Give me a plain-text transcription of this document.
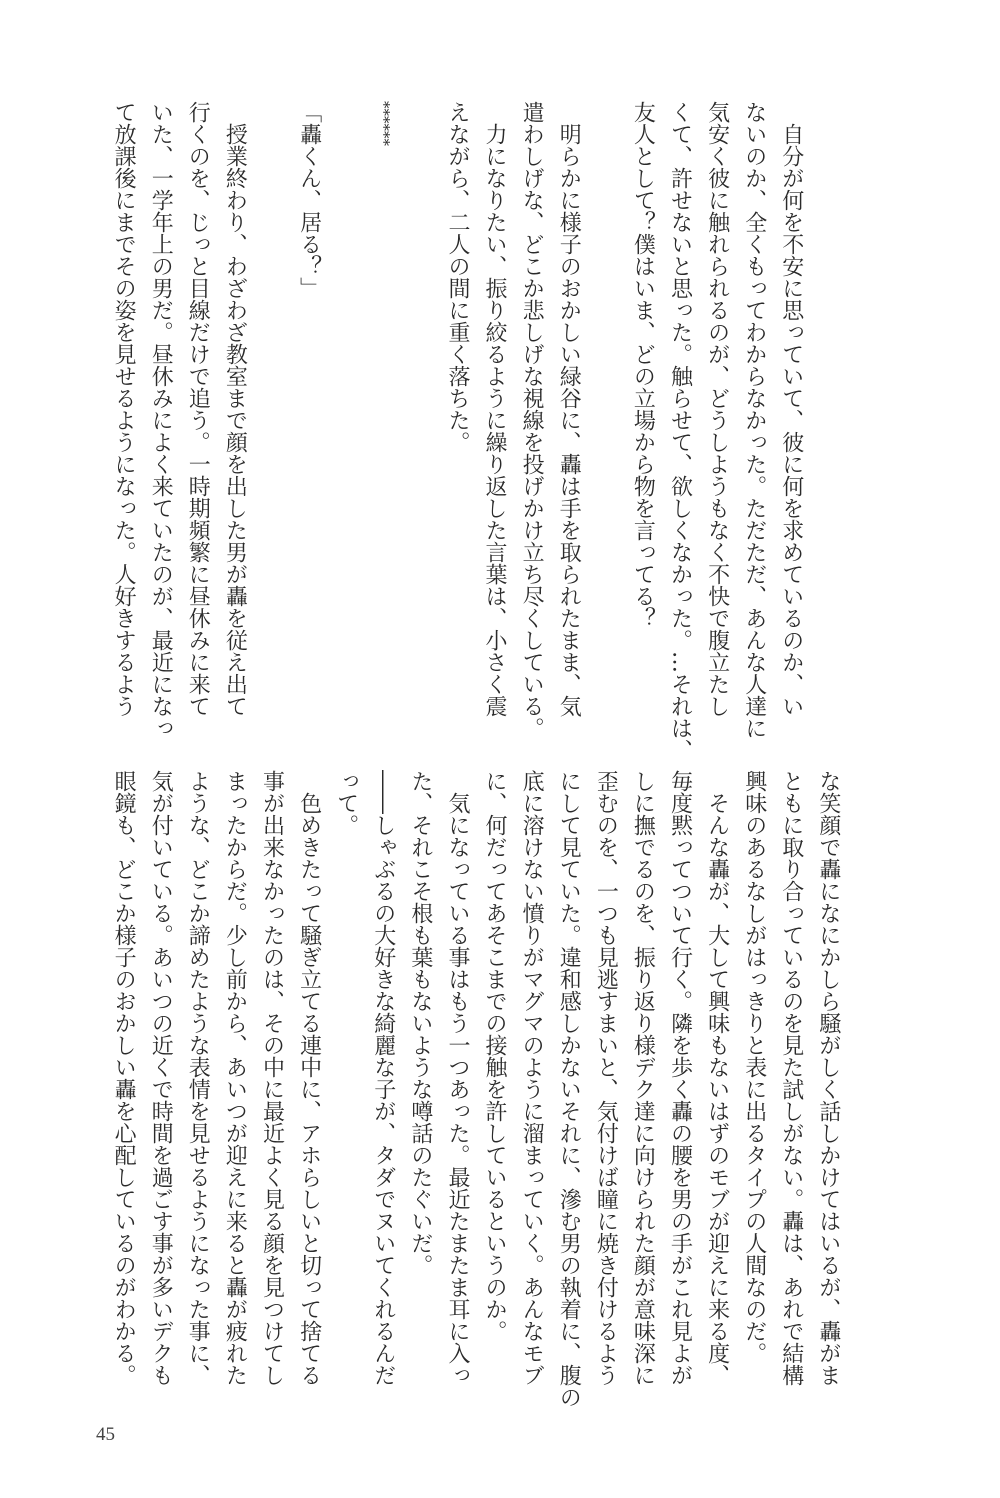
　自分が何を不安に思っていて、彼に何を求めているのか、い
ないのか、全くもってわからなかった。ただただ、あんな人達に
気安く彼に触れられるのが、どうしようもなく不快で腹立たし
くて、許せないと思った。触らせて、欲しくなかった。…それは、
友人として？僕はいま、どの立場から物を言ってる？
　明らかに様子のおかしい緑谷に、轟は手を取られたまま、気
遣わしげな、どこか悲しげな視線を投げかけ立ち尽くしている。
　力になりたい、振り絞るように繰り返した言葉は、小さく震
えながら、二人の間に重く落ちた。
******
「轟くん、居る？」
　授業終わり、わざわざ教室まで顔を出した男が轟を従え出て
行くのを、じっと目線だけで追う。一時期頻繁に昼休みに来て
いた、一学年上の男だ。昼休みによく来ていたのが、最近になっ
て放課後にまでその姿を見せるようになった。人好きするよう
な笑顔で轟になにかしら騒がしく話しかけてはいるが、轟がま
ともに取り合っているのを見た試しがない。轟は、あれで結構
興味のあるなしがはっきりと表に出るタイプの人間なのだ。
　そんな轟が、大して興味もないはずのモブが迎えに来る度、
毎度黙ってついて行く。隣を歩く轟の腰を男の手がこれ見よが
しに撫でるのを、振り返り様デク達に向けられた顔が意味深に
歪むのを、一つも見逃すまいと、気付けば瞳に焼き付けるよう
にして見ていた。違和感しかないそれに、滲む男の執着に、腹の
底に溶けない憤りがマグマのように溜まっていく。あんなモブ
に、何だってあそこまでの接触を許しているというのか。
　気になっている事はもう一つあった。最近たまたま耳に入っ
た、それこそ根も葉もないような噂話のたぐいだ。
――しゃぶるの大好きな綺麗な子が、タダでヌいてくれるんだ
って。
　色めきたって騒ぎ立てる連中に、アホらしいと切って捨てる
事が出来なかったのは、その中に最近よく見る顔を見つけてし
まったからだ。少し前から、あいつが迎えに来ると轟が疲れた
ような、どこか諦めたような表情を見せるようになった事に、
気が付いている。あいつの近くで時間を過ごす事が多いデクも
眼鏡も、どこか様子のおかしい轟を心配しているのがわかる。
45
